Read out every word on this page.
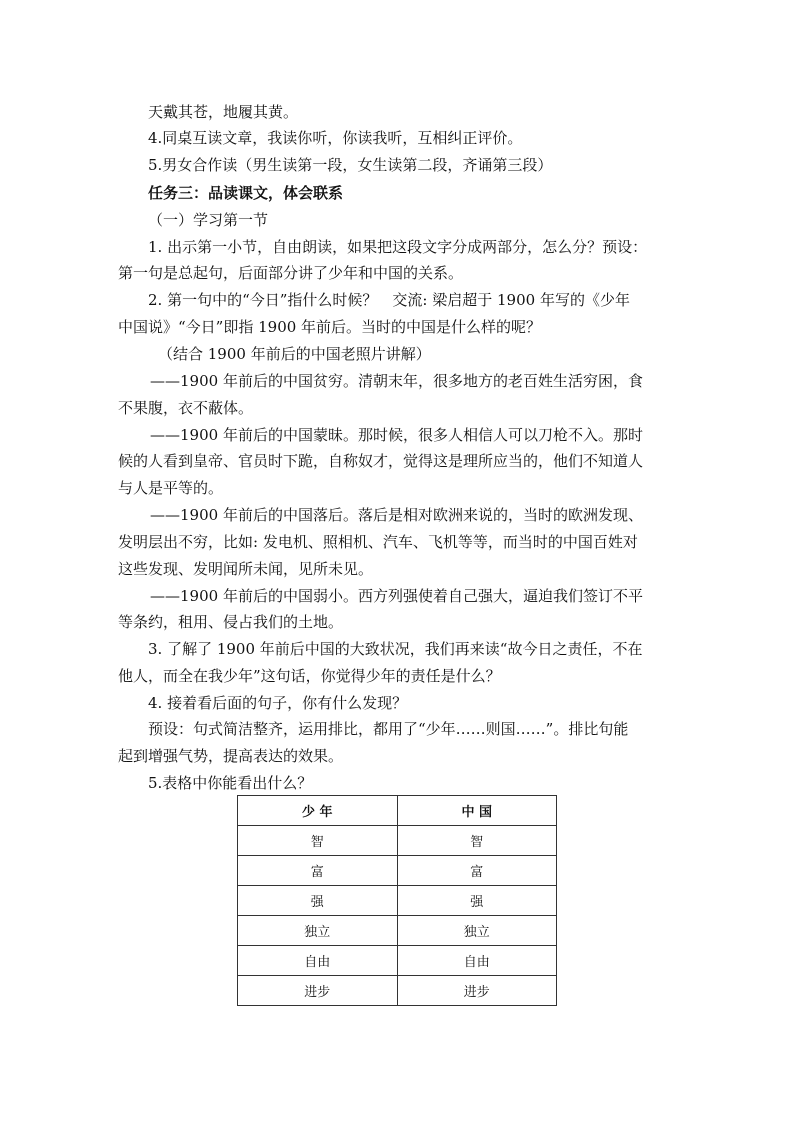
天戴其苍，地履其黄。
4.同桌互读文章，我读你听，你读我听，互相纠正评价。
5.男女合作读（男生读第一段，女生读第二段，齐诵第三段）
任务三：品读课文，体会联系
（一）学习第一节
1. 出示第一小节，自由朗读，如果把这段文字分成两部分，怎么分？预设：
第一句是总起句，后面部分讲了少年和中国的关系。
2. 第一句中的“今日”指什么时候？　交流: 梁启超于 1900 年写的《少年
中国说》“今日”即指 1900 年前后。当时的中国是什么样的呢？
（结合 1900 年前后的中国老照片讲解）
——1900 年前后的中国贫穷。清朝末年，很多地方的老百姓生活穷困，食
不果腹，衣不蔽体。
——1900 年前后的中国蒙昧。那时候，很多人相信人可以刀枪不入。那时
候的人看到皇帝、官员时下跪，自称奴才，觉得这是理所应当的，他们不知道人
与人是平等的。
——1900 年前后的中国落后。落后是相对欧洲来说的，当时的欧洲发现、
发明层出不穷，比如: 发电机、照相机、汽车、飞机等等，而当时的中国百姓对
这些发现、发明闻所未闻，见所未见。
——1900 年前后的中国弱小。西方列强使着自己强大，逼迫我们签订不平
等条约，租用、侵占我们的土地。
3. 了解了 1900 年前后中国的大致状况，我们再来读“故今日之责任，不在
他人，而全在我少年”这句话，你觉得少年的责任是什么？
4. 接着看后面的句子，你有什么发现？
预设：句式简洁整齐，运用排比，都用了“少年……则国……”。排比句能
起到增强气势，提高表达的效果。
5.表格中你能看出什么？
少 年	中 国
智	智
富	富
强	强
独立	独立
自由	自由
进步	进步
